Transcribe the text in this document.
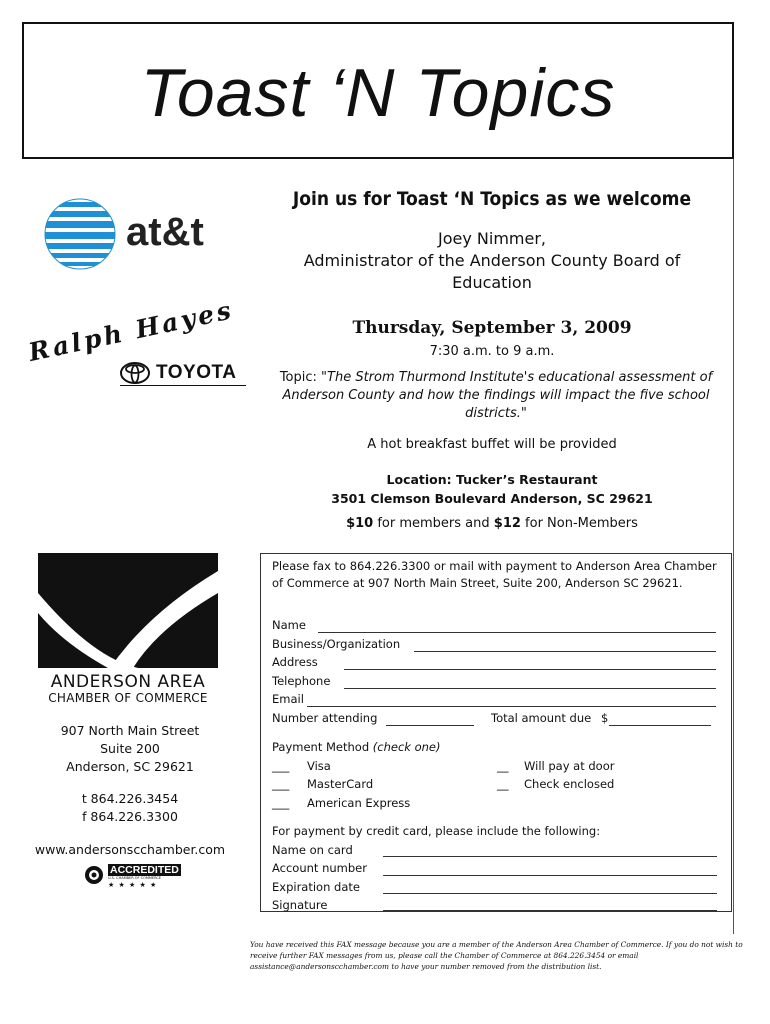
Toast ‘N Topics
at&t
Ralph Hayes
TOYOTA
Join us for Toast ‘N Topics as we welcome
Joey Nimmer,
Administrator of the Anderson County Board of Education
Thursday, September 3, 2009
7:30 a.m. to 9 a.m.
Topic: "The Strom Thurmond Institute's educational assessment of Anderson County and how the findings will impact the five school districts."
A hot breakfast buffet will be provided
Location: Tucker’s Restaurant
3501 Clemson Boulevard Anderson, SC 29621
$10 for members and $12 for Non-Members
ANDERSON AREA
CHAMBER OF COMMERCE
907 North Main Street
Suite 200
Anderson, SC 29621
t 864.226.3454
f 864.226.3300
www.andersonscchamber.com
ACCREDITED
U.S. CHAMBER OF COMMERCE
★ ★ ★ ★ ★
Please fax to 864.226.3300 or mail with payment to Anderson Area Chamber of Commerce at 907 North Main Street, Suite 200, Anderson SC 29621.
Name
Business/Organization
Address
Telephone
Email
Number attending	Total amount due $
Payment Method (check one)
___ Visa	__ Will pay at door
___ MasterCard	__ Check enclosed
___ American Express
For payment by credit card, please include the following:
Name on card
Account number
Expiration date
Signature
You have received this FAX message because you are a member of the Anderson Area Chamber of Commerce. If you do not wish to receive further FAX messages from us, please call the Chamber of Commerce at 864.226.3454 or email assistance@andersonscchamber.com to have your number removed from the distribution list.
